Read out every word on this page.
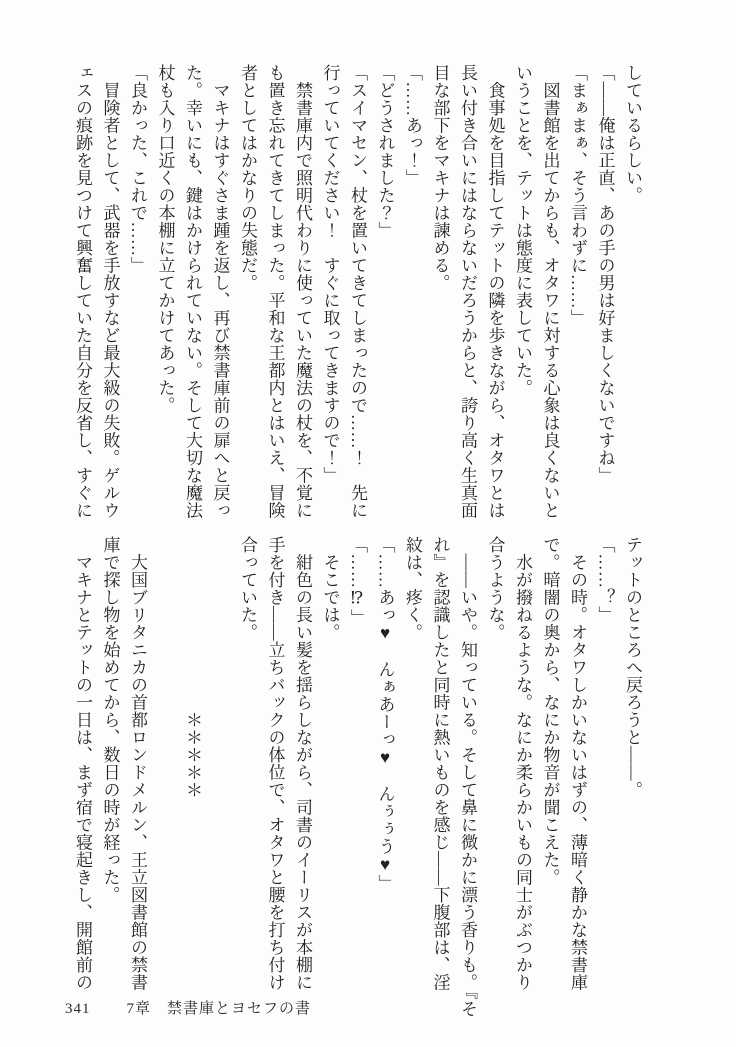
しているらしい。

「——俺は正直、あの手の男は好ましくないですね」

「まぁまぁ、そう言わずに……」

　図書館を出てからも、オタワに対する心象は良くないと

いうことを、テットは態度に表していた。

　食事処を目指してテットの隣を歩きながら、オタワとは

長い付き合いにはならないだろうからと、誇り高く生真面

目な部下をマキナは諫める。

「……あっ！」

「どうされました？」

「スイマセン、杖を置いてきてしまったので……！　先に

行っていてください！　すぐに取ってきますので！」

　禁書庫内で照明代わりに使っていた魔法の杖を、不覚に

も置き忘れてきてしまった。平和な王都内とはいえ、冒険

者としてはかなりの失態だ。

　マキナはすぐさま踵を返し、再び禁書庫前の扉へと戻っ

た。幸いにも、鍵はかけられていない。そして大切な魔法

杖も入り口近くの本棚に立てかけてあった。

「良かった、これで……」

　冒険者として、武器を手放すなど最大級の失敗。ゲルウ

ェスの痕跡を見つけて興奮していた自分を反省し、すぐに

テットのところへ戻ろうと——。

「……？」

　その時。オタワしかいないはずの、薄暗く静かな禁書庫

で。暗闇の奥から、なにか物音が聞こえた。

　水が撥ねるような。なにか柔らかいもの同士がぶつかり

合うような。

　——いや。知っている。そして鼻に微かに漂う香りも。『そ

れ』を認識したと同時に熱いものを感じ——下腹部は、淫

紋は、疼く。

「……あっ♥　んぁあーっ♥　んぅぅう♥」

「……⁉」

　そこでは。

　紺色の長い髪を揺らしながら、司書のイーリスが本棚に

手を付き——立ちバックの体位で、オタワと腰を打ち付け

合っていた。

　　　　　　　　　　＊＊＊＊＊

　大国ブリタニカの首都ロンドメルン、王立図書館の禁書

庫で探し物を始めてから、数日の時が経った。

　マキナとテットの一日は、まず宿で寝起きし、開館前の

341 7章　禁書庫とヨセフの書
